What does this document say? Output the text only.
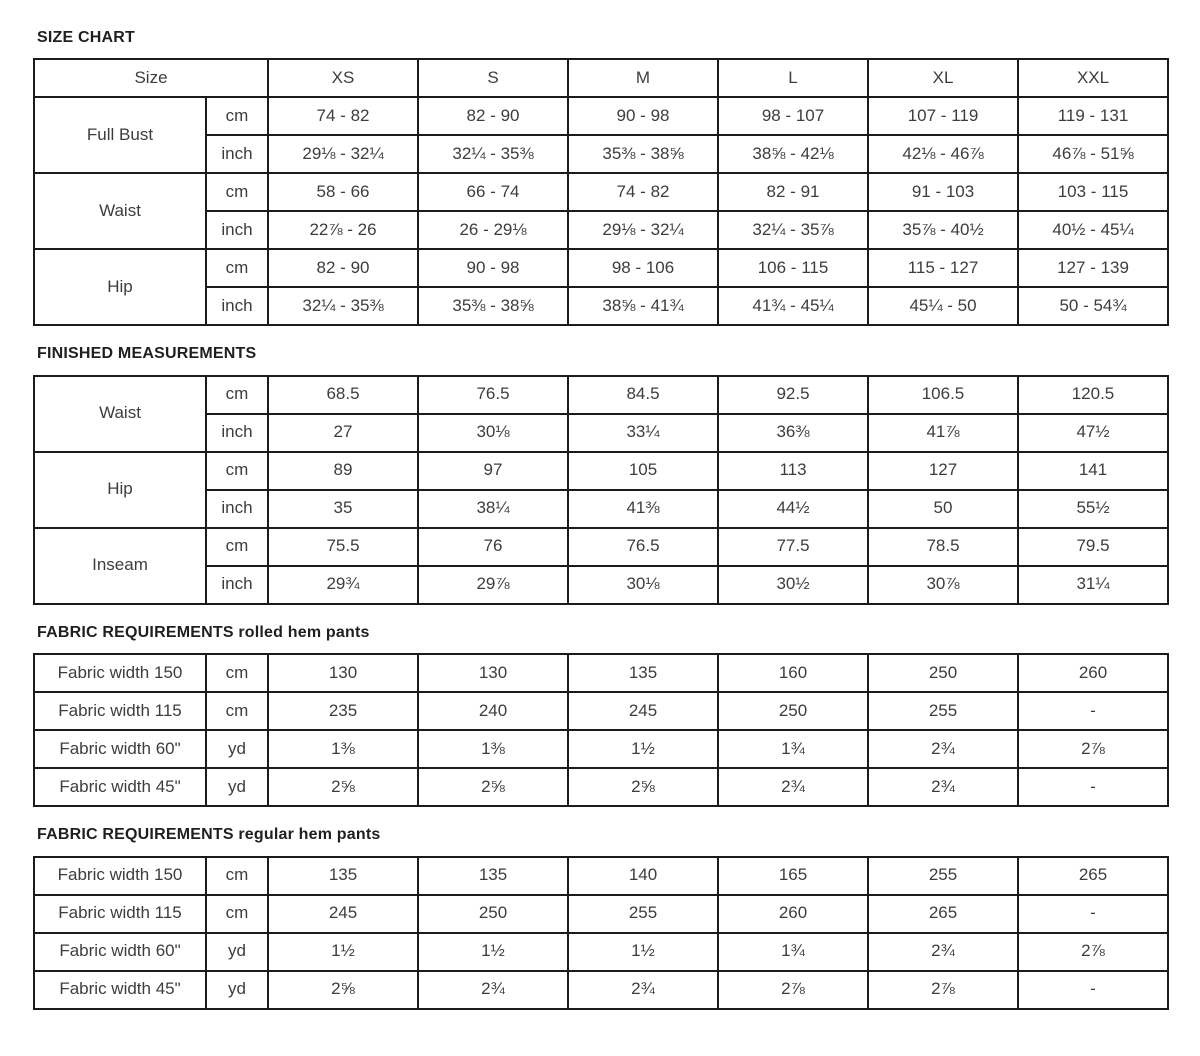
SIZE CHART
Size		XS	S	M	L	XL	XXL
Full Bust	cm	74 - 82	82 - 90	90 - 98	98 - 107	107 - 119	119 - 131
	inch	29⅛ - 32¼	32¼ - 35⅜	35⅜ - 38⅝	38⅝ - 42⅛	42⅛ - 46⅞	46⅞ - 51⅝
Waist	cm	58 - 66	66 - 74	74 - 82	82 - 91	91 - 103	103 - 115
	inch	22⅞ - 26	26 - 29⅛	29⅛ - 32¼	32¼ - 35⅞	35⅞ - 40½	40½ - 45¼
Hip	cm	82 - 90	90 - 98	98 - 106	106 - 115	115 - 127	127 - 139
	inch	32¼ - 35⅜	35⅜ - 38⅝	38⅝ - 41¾	41¾ - 45¼	45¼ - 50	50 - 54¾
FINISHED MEASUREMENTS
Waist	cm	68.5	76.5	84.5	92.5	106.5	120.5
	inch	27	30⅛	33¼	36⅜	41⅞	47½
Hip	cm	89	97	105	113	127	141
	inch	35	38¼	41⅜	44½	50	55½
Inseam	cm	75.5	76	76.5	77.5	78.5	79.5
	inch	29¾	29⅞	30⅛	30½	30⅞	31¼
FABRIC REQUIREMENTS rolled hem pants
Fabric width 150	cm	130	130	135	160	250	260
Fabric width 115	cm	235	240	245	250	255	-
Fabric width 60"	yd	1⅜	1⅜	1½	1¾	2¾	2⅞
Fabric width 45"	yd	2⅝	2⅝	2⅝	2¾	2¾	-
FABRIC REQUIREMENTS regular hem pants
Fabric width 150	cm	135	135	140	165	255	265
Fabric width 115	cm	245	250	255	260	265	-
Fabric width 60"	yd	1½	1½	1½	1¾	2¾	2⅞
Fabric width 45"	yd	2⅝	2¾	2¾	2⅞	2⅞	-
